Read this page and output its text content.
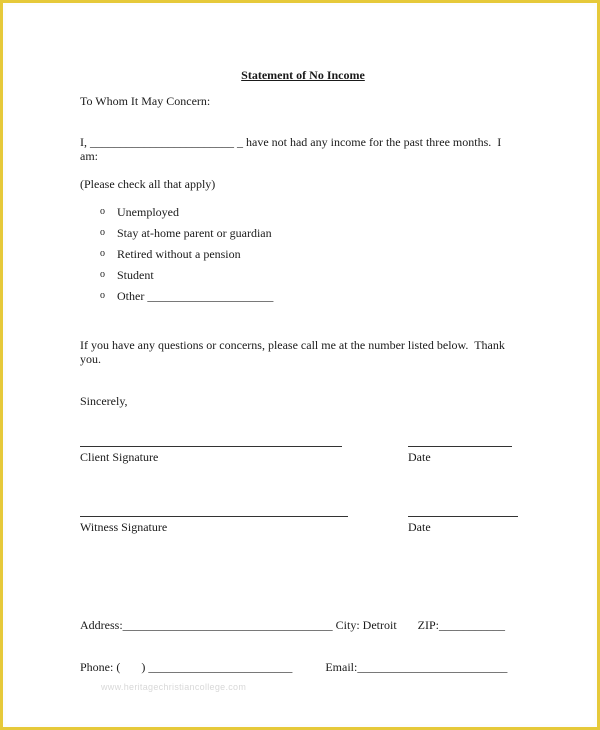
Statement of No Income
To Whom It May Concern:
I, ________________________ _ have not had any income for the past three months.  I
am:
(Please check all that apply)
o Unemployed
o Stay at-home parent or guardian
o Retired without a pension
o Student
o Other _____________________
If you have any questions or concerns, please call me at the number listed below.  Thank
you.
Sincerely,
Client Signature	Date
Witness Signature	Date
Address:___________________________________ City: Detroit       ZIP:___________
Phone: (       ) ________________________           Email:_________________________
www.heritagechristiancollege.com
